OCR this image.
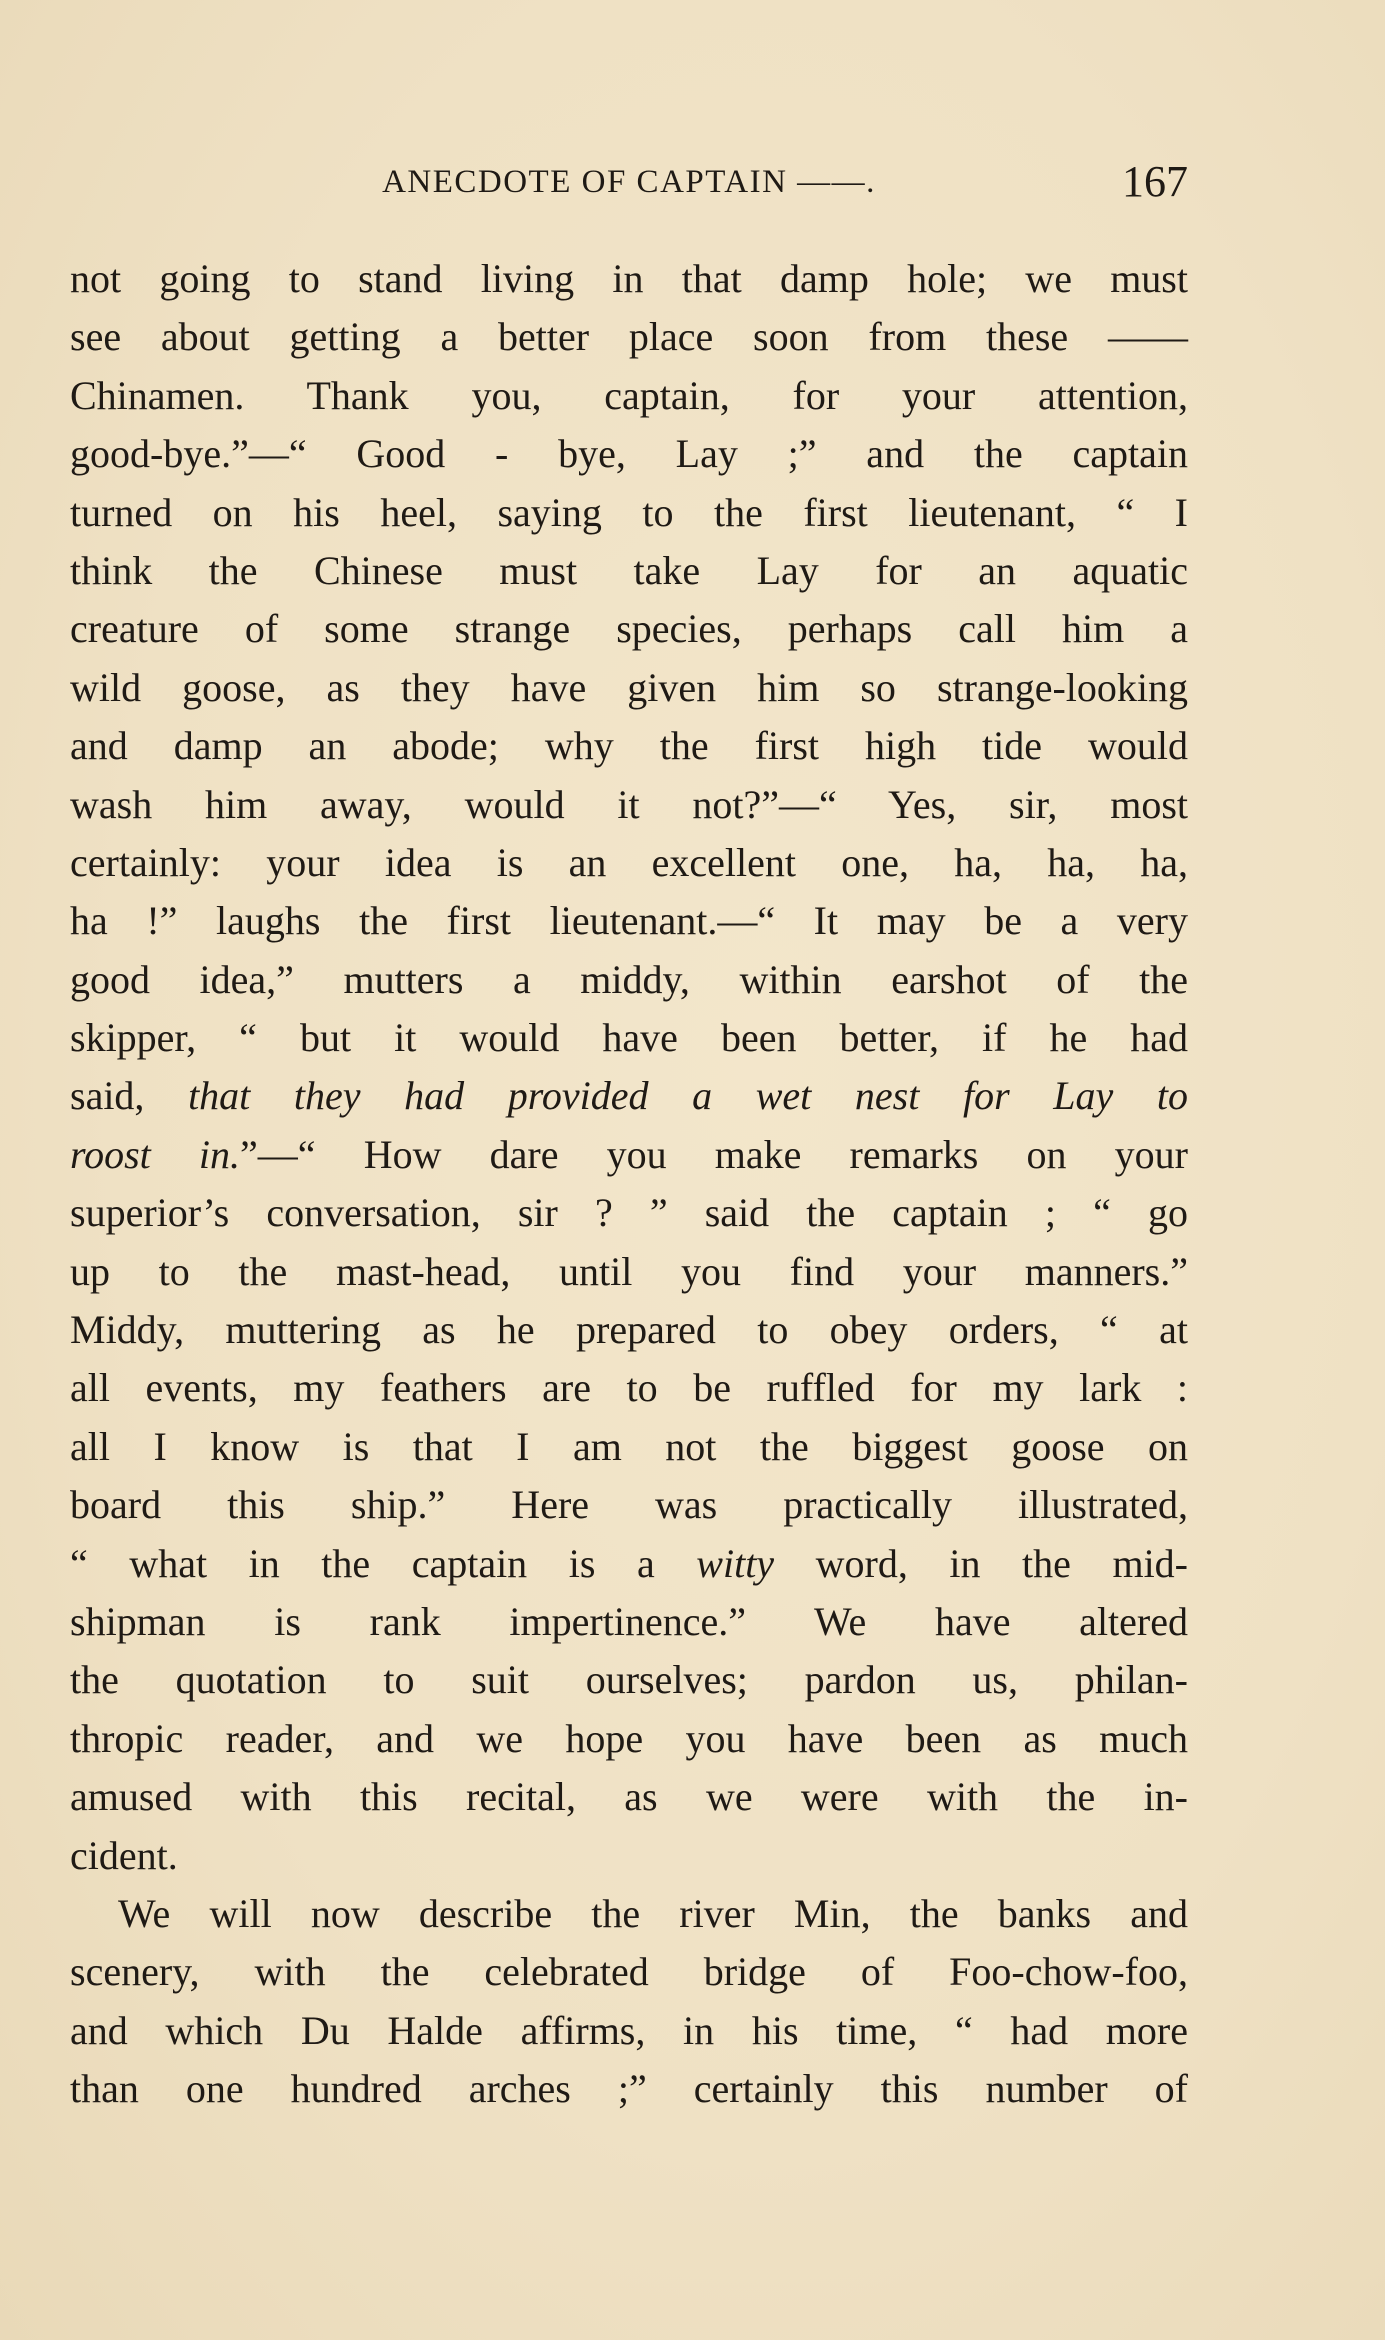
ANECDOTE OF CAPTAIN ——.	167
not going to stand living in that damp hole; we must
see about getting a better place soon from these ——
Chinamen. Thank you, captain, for your attention,
good-bye.”—“ Good - bye, Lay ;” and the captain
turned on his heel, saying to the first lieutenant, “ I
think the Chinese must take Lay for an aquatic
creature of some strange species, perhaps call him a
wild goose, as they have given him so strange-looking
and damp an abode; why the first high tide would
wash him away, would it not?”—“ Yes, sir, most
certainly: your idea is an excellent one, ha, ha, ha,
ha !” laughs the first lieutenant.—“ It may be a very
good idea,” mutters a middy, within earshot of the
skipper, “ but it would have been better, if he had
said, that they had provided a wet nest for Lay to
roost in.”—“ How dare you make remarks on your
superior’s conversation, sir ? ” said the captain ; “ go
up to the mast-head, until you find your manners.”
Middy, muttering as he prepared to obey orders, “ at
all events, my feathers are to be ruffled for my lark :
all I know is that I am not the biggest goose on
board this ship.” Here was practically illustrated,
“ what in the captain is a witty word, in the mid-
shipman is rank impertinence.” We have altered
the quotation to suit ourselves; pardon us, philan-
thropic reader, and we hope you have been as much
amused with this recital, as we were with the in-
cident.
We will now describe the river Min, the banks and
scenery, with the celebrated bridge of Foo-chow-foo,
and which Du Halde affirms, in his time, “ had more
than one hundred arches ;” certainly this number of
